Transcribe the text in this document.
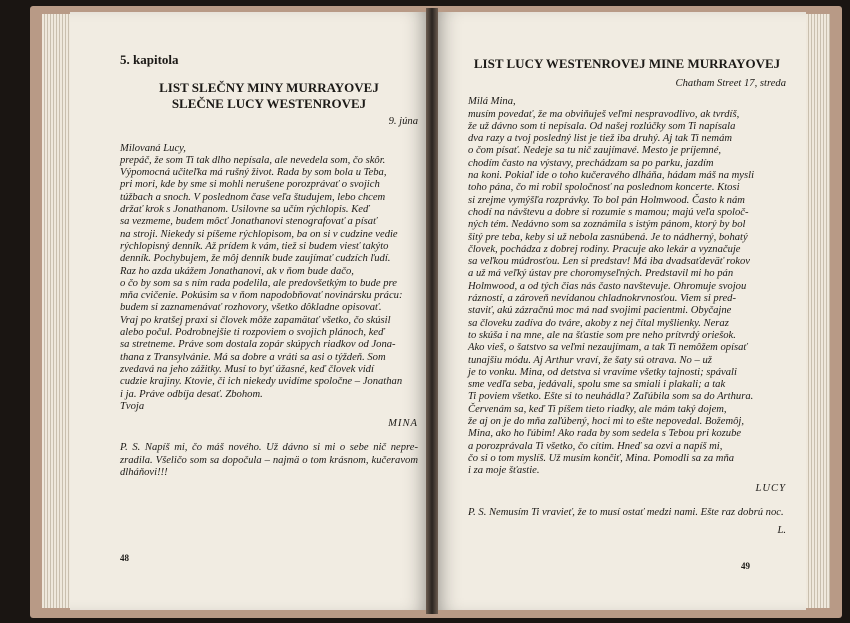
5. kapitola
LIST SLEČNY MINY MURRAYOVEJ
SLEČNE LUCY WESTENROVEJ
9. júna

Milovaná Lucy,

prepáč, že som Ti tak dlho nepísala, ale nevedela som, čo skôr.

Výpomocná učiteľka má rušný život. Rada by som bola u Teba,

pri mori, kde by sme si mohli nerušene porozprávať o svojich

túžbach a snoch. V poslednom čase veľa študujem, lebo chcem

držať krok s Jonathanom. Usilovne sa učím rýchlopis. Keď

sa vezmeme, budem môcť Jonathanovi stenografovať a písať

na stroji. Niekedy si píšeme rýchlopisom, ba on si v cudzine vedie

rýchlopisný denník. Až prídem k vám, tiež si budem viesť takýto

denník. Pochybujem, že môj denník bude zaujímať cudzích ľudí.

Raz ho azda ukážem Jonathanovi, ak v ňom bude dačo,

o čo by som sa s ním rada podelila, ale predovšetkým to bude pre

mňa cvičenie. Pokúsim sa v ňom napodobňovať novinársku prácu:

budem si zaznamenávať rozhovory, všetko dôkladne opisovať.

Vraj po kratšej praxi si človek môže zapamätať všetko, čo skúsil

alebo počul. Podrobnejšie ti rozpoviem o svojich plánoch, keď

sa stretneme. Práve som dostala zopár skúpych riadkov od Jona-

thana z Transylvánie. Má sa dobre a vráti sa asi o týždeň. Som

zvedavá na jeho zážitky. Musí to byť úžasné, keď človek vidí

cudzie krajiny. Ktovie, či ich niekedy uvidíme spoločne – Jonathan

i ja. Práve odbíja desať. Zbohom.

Tvoja

MINA
P. S. Napíš mi, čo máš nového. Už dávno si mi o sebe nič nepre-zradila. Všeličo som sa dopočula – najmä o tom krásnom, kučeravom dlháňovi!!!
48
LIST LUCY WESTENROVEJ MINE MURRAYOVEJ
Chatham Street 17, streda

Milá Mina,

musím povedať, že ma obviňuješ veľmi nespravodlivo, ak tvrdíš,

že už dávno som ti nepísala. Od našej rozlúčky som Ti napísala

dva razy a tvoj posledný list je tiež iba druhý. Aj tak Ti nemám

o čom písať. Nedeje sa tu nič zaujímavé. Mesto je príjemné,

chodím často na výstavy, prechádzam sa po parku, jazdím

na koni. Pokiaľ ide o toho kučeravého dlháňa, hádam máš na mysli

toho pána, čo mi robil spoločnosť na poslednom koncerte. Ktosi

si zrejme vymýšľa rozprávky. To bol pán Holmwood. Často k nám

chodí na návštevu a dobre si rozumie s mamou; majú veľa spoloč-

ných tém. Nedávno som sa zoznámila s istým pánom, ktorý by bol

šitý pre teba, keby si už nebola zasnúbená. Je to nádherný, bohatý

človek, pochádza z dobrej rodiny. Pracuje ako lekár a vyznačuje

sa veľkou múdrosťou. Len si predstav! Má iba dvadsaťdeväť rokov

a už má veľký ústav pre choromyseľných. Predstavil mi ho pán

Holmwood, a od tých čias nás často navštevuje. Ohromuje svojou

rázností, a zároveň nevídanou chladnokrvnosťou. Viem si pred-

staviť, akú zázračnú moc má nad svojimi pacientmi. Obyčajne

sa človeku zadíva do tváre, akoby z nej čítal myšlienky. Neraz

to skúša i na mne, ale na šťastie som pre neho prítvrdý oriešok.

Ako vieš, o šatstvo sa veľmi nezaujímam, a tak Ti nemôžem opísať

tunajšiu módu. Aj Arthur vraví, že šaty sú otrava. No – už

je to vonku. Mina, od detstva si vravíme všetky tajnosti; spávali

sme vedľa seba, jedávali, spolu sme sa smiali i plakali; a tak

Ti poviem všetko. Ešte si to neuhádla? Zaľúbila som sa do Arthura.

Červenám sa, keď Ti píšem tieto riadky, ale mám taký dojem,

že aj on je do mňa zaľúbený, hoci mi to ešte nepovedal. Božemôj,

Mina, ako ho ľúbim! Ako rada by som sedela s Tebou pri kozube

a porozprávala Ti všetko, čo cítim. Hneď sa ozvi a napíš mi,

čo si o tom myslíš. Už musím končiť, Mina. Pomodli sa za mňa

i za moje šťastie.

LUCY
P. S. Nemusím Ti vravieť, že to musí ostať medzi nami. Ešte raz dobrú noc.
L.
49
